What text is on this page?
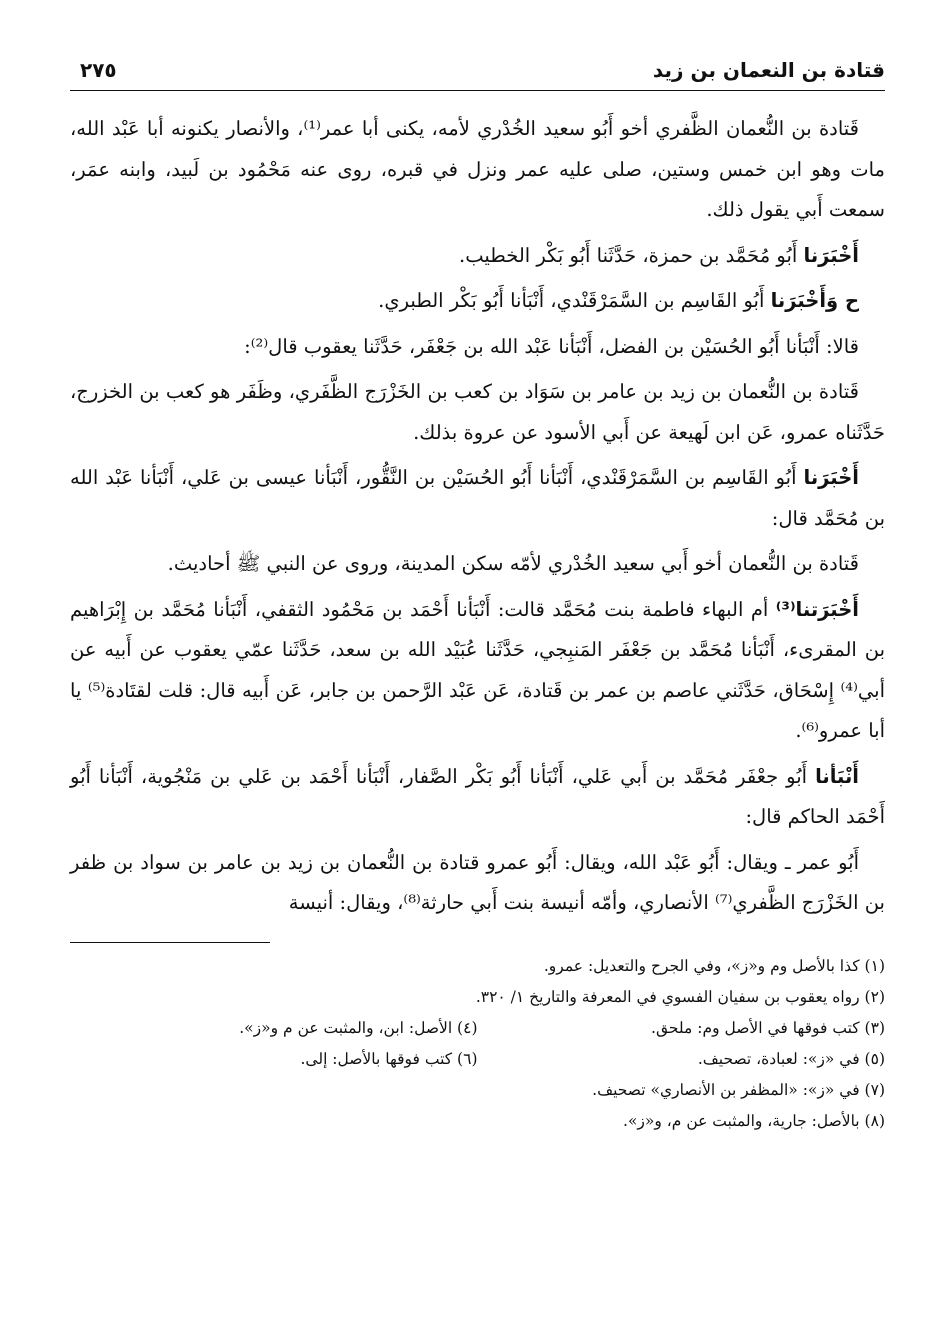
قتادة بن النعمان بن زيد
٢٧٥

قَتادة بن النُّعمان الظَّفري أخو أَبُو سعيد الخُدْري لأمه، يكنى أبا عمر⁽¹⁾، والأنصار يكنونه أبا عَبْد الله، مات وهو ابن خمس وستين، صلى عليه عمر ونزل في قبره، روى عنه مَحْمُود بن لَبيد، وابنه عمَر، سمعت أَبي يقول ذلك.

أَخْبَرَنا أَبُو مُحَمَّد بن حمزة، حَدَّثَنا أَبُو بَكْر الخطيب.

ح وَأَخْبَرَنا أَبُو القَاسِم بن السَّمَرْقَنْدي، أَنْبَأنا أَبُو بَكْر الطبري.

قالا: أَنْبَأنا أَبُو الحُسَيْن بن الفضل، أَنْبَأنا عَبْد الله بن جَعْفَر، حَدَّثَنا يعقوب قال⁽²⁾:

قَتادة بن النُّعمان بن زيد بن عامر بن سَوَاد بن كعب بن الخَزْرَج الظَّفَري، وظَفَر هو كعب بن الخزرج، حَدَّثَناه عمرو، عَن ابن لَهيعة عن أَبي الأسود عن عروة بذلك.

أَخْبَرَنا أَبُو القَاسِم بن السَّمَرْقَنْدي، أَنْبَأنا أَبُو الحُسَيْن بن النَّقُّور، أَنْبَأنا عيسى بن عَلي، أَنْبَأنا عَبْد الله بن مُحَمَّد قال:

قَتادة بن النُّعمان أخو أَبي سعيد الخُدْري لأمّه سكن المدينة، وروى عن النبي ﷺ أحاديث.

أَخْبَرَتنا⁽³⁾ أم البهاء فاطمة بنت مُحَمَّد قالت: أَنْبَأنا أَحْمَد بن مَحْمُود الثقفي، أَنْبَأنا مُحَمَّد بن إِبْرَاهيم بن المقرىء، أَنْبَأنا مُحَمَّد بن جَعْفَر المَنبِجي، حَدَّثَنا عُبَيْد الله بن سعد، حَدَّثَنا عمّي يعقوب عن أَبيه عن أبي⁽⁴⁾ إِسْحَاق، حَدَّثَني عاصم بن عمر بن قَتادة، عَن عَبْد الرَّحمن بن جابر، عَن أَبيه قال: قلت لقتَادة⁽⁵⁾ يا أبا عمرو⁽⁶⁾.

أَنْبَأنا أَبُو جعْفَر مُحَمَّد بن أَبي عَلي، أَنْبَأنا أَبُو بَكْر الصَّفار، أَنْبَأنا أَحْمَد بن عَلي بن مَنْجُوية، أَنْبَأنا أَبُو أَحْمَد الحاكم قال:

أَبُو عمر ـ ويقال: أَبُو عَبْد الله، ويقال: أَبُو عمرو قتادة بن النُّعمان بن زيد بن عامر بن سواد بن ظفر بن الخَزْرَج الظَّفري⁽⁷⁾ الأنصاري، وأمّه أنيسة بنت أَبي حارثة⁽⁸⁾، ويقال: أنيسة

(١) كذا بالأصل وم و«ز»، وفي الجرح والتعديل: عمرو.
(٢) رواه يعقوب بن سفيان الفسوي في المعرفة والتاريخ ١/ ٣٢٠.
(٣) كتب فوقها في الأصل وم: ملحق.
(٤) الأصل: ابن، والمثبت عن م و«ز».
(٥) في «ز»: لعبادة، تصحيف.
(٦) كتب فوقها بالأصل: إلى.
(٧) في «ز»: «المظفر بن الأنصاري» تصحيف.
(٨) بالأصل: جارية، والمثبت عن م، و«ز».
